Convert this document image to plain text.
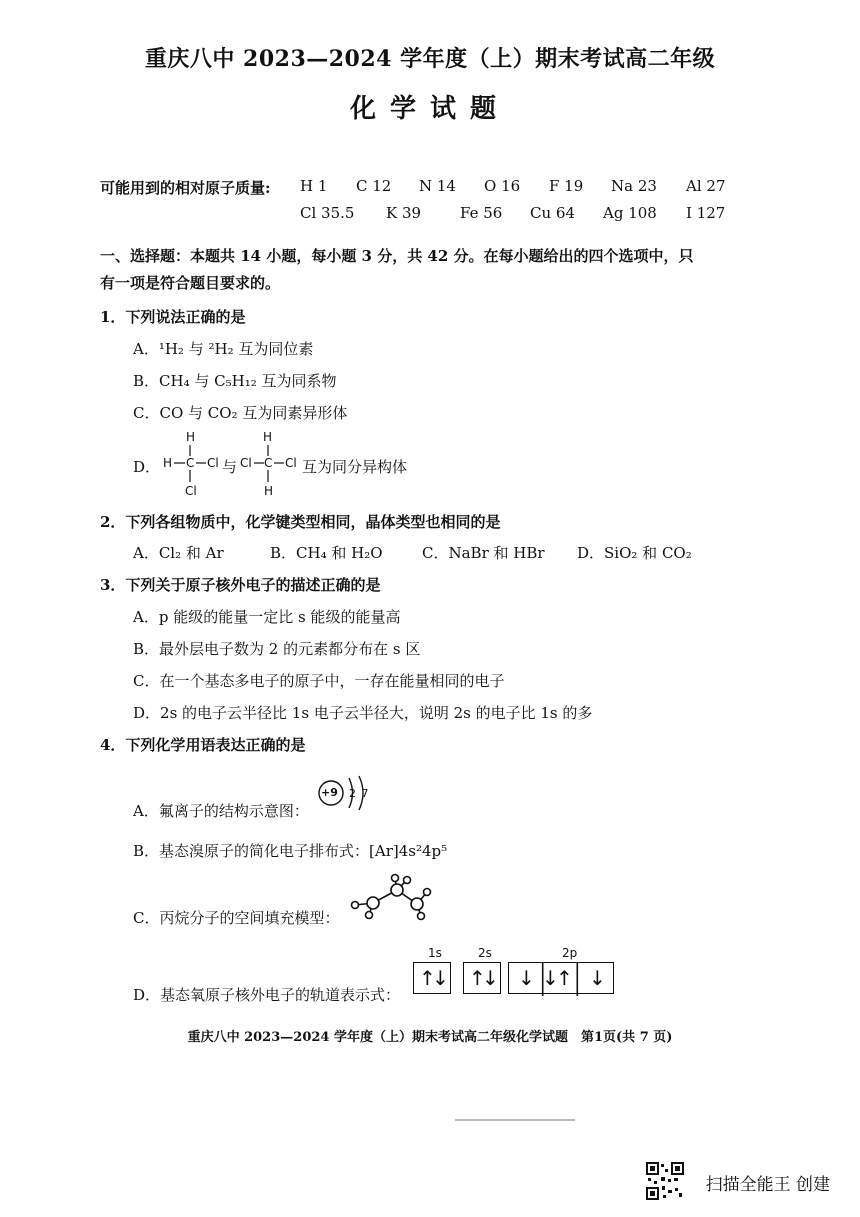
重庆八中 2023—2024 学年度（上）期末考试高二年级
化学试题
可能用到的相对原子质量: H 1 C 12 N 14 O 16 F 19 Na 23 Al 27
Cl 35.5 K 39	Fe 56 Cu 64 Ag 108 I 127
一、选择题：本题共 14 小题，每小题 3 分，共 42 分。在每小题给出的四个选项中，只
有一项是符合题目要求的。
1．下列说法正确的是
A．¹H₂ 与 ²H₂ 互为同位素
B．CH₄ 与 C₅H₁₂ 互为同系物
C．CO 与 CO₂ 互为同素异形体
D．
H
H C Cl
Cl
与
H
Cl C Cl
H
互为同分异构体
2．下列各组物质中，化学键类型相同，晶体类型也相同的是
A．Cl₂ 和 Ar	B．CH₄ 和 H₂O	C．NaBr 和 HBr D．SiO₂ 和 CO₂
3．下列关于原子核外电子的描述正确的是
A．p 能级的能量一定比 s 能级的能量高
B．最外层电子数为 2 的元素都分布在 s 区
C．在一个基态多电子的原子中，一存在能量相同的电子
D．2s 的电子云半径比 1s 电子云半径大，说明 2s 的电子比 1s 的多
4．下列化学用语表达正确的是
A．氟离子的结构示意图：
+9 2 7
B．基态溴原子的简化电子排布式：[Ar]4s²4p⁵
C．丙烷分子的空间填充模型：
D．基态氧原子核外电子的轨道表示式：
1s	2s	2p
↑
↓ ↑
↓ ↓ ↓
↑ ↓
重庆八中 2023—2024 学年度（上）期末考试高二年级化学试题　第1页(共 7 页)
扫描全能王 创建
